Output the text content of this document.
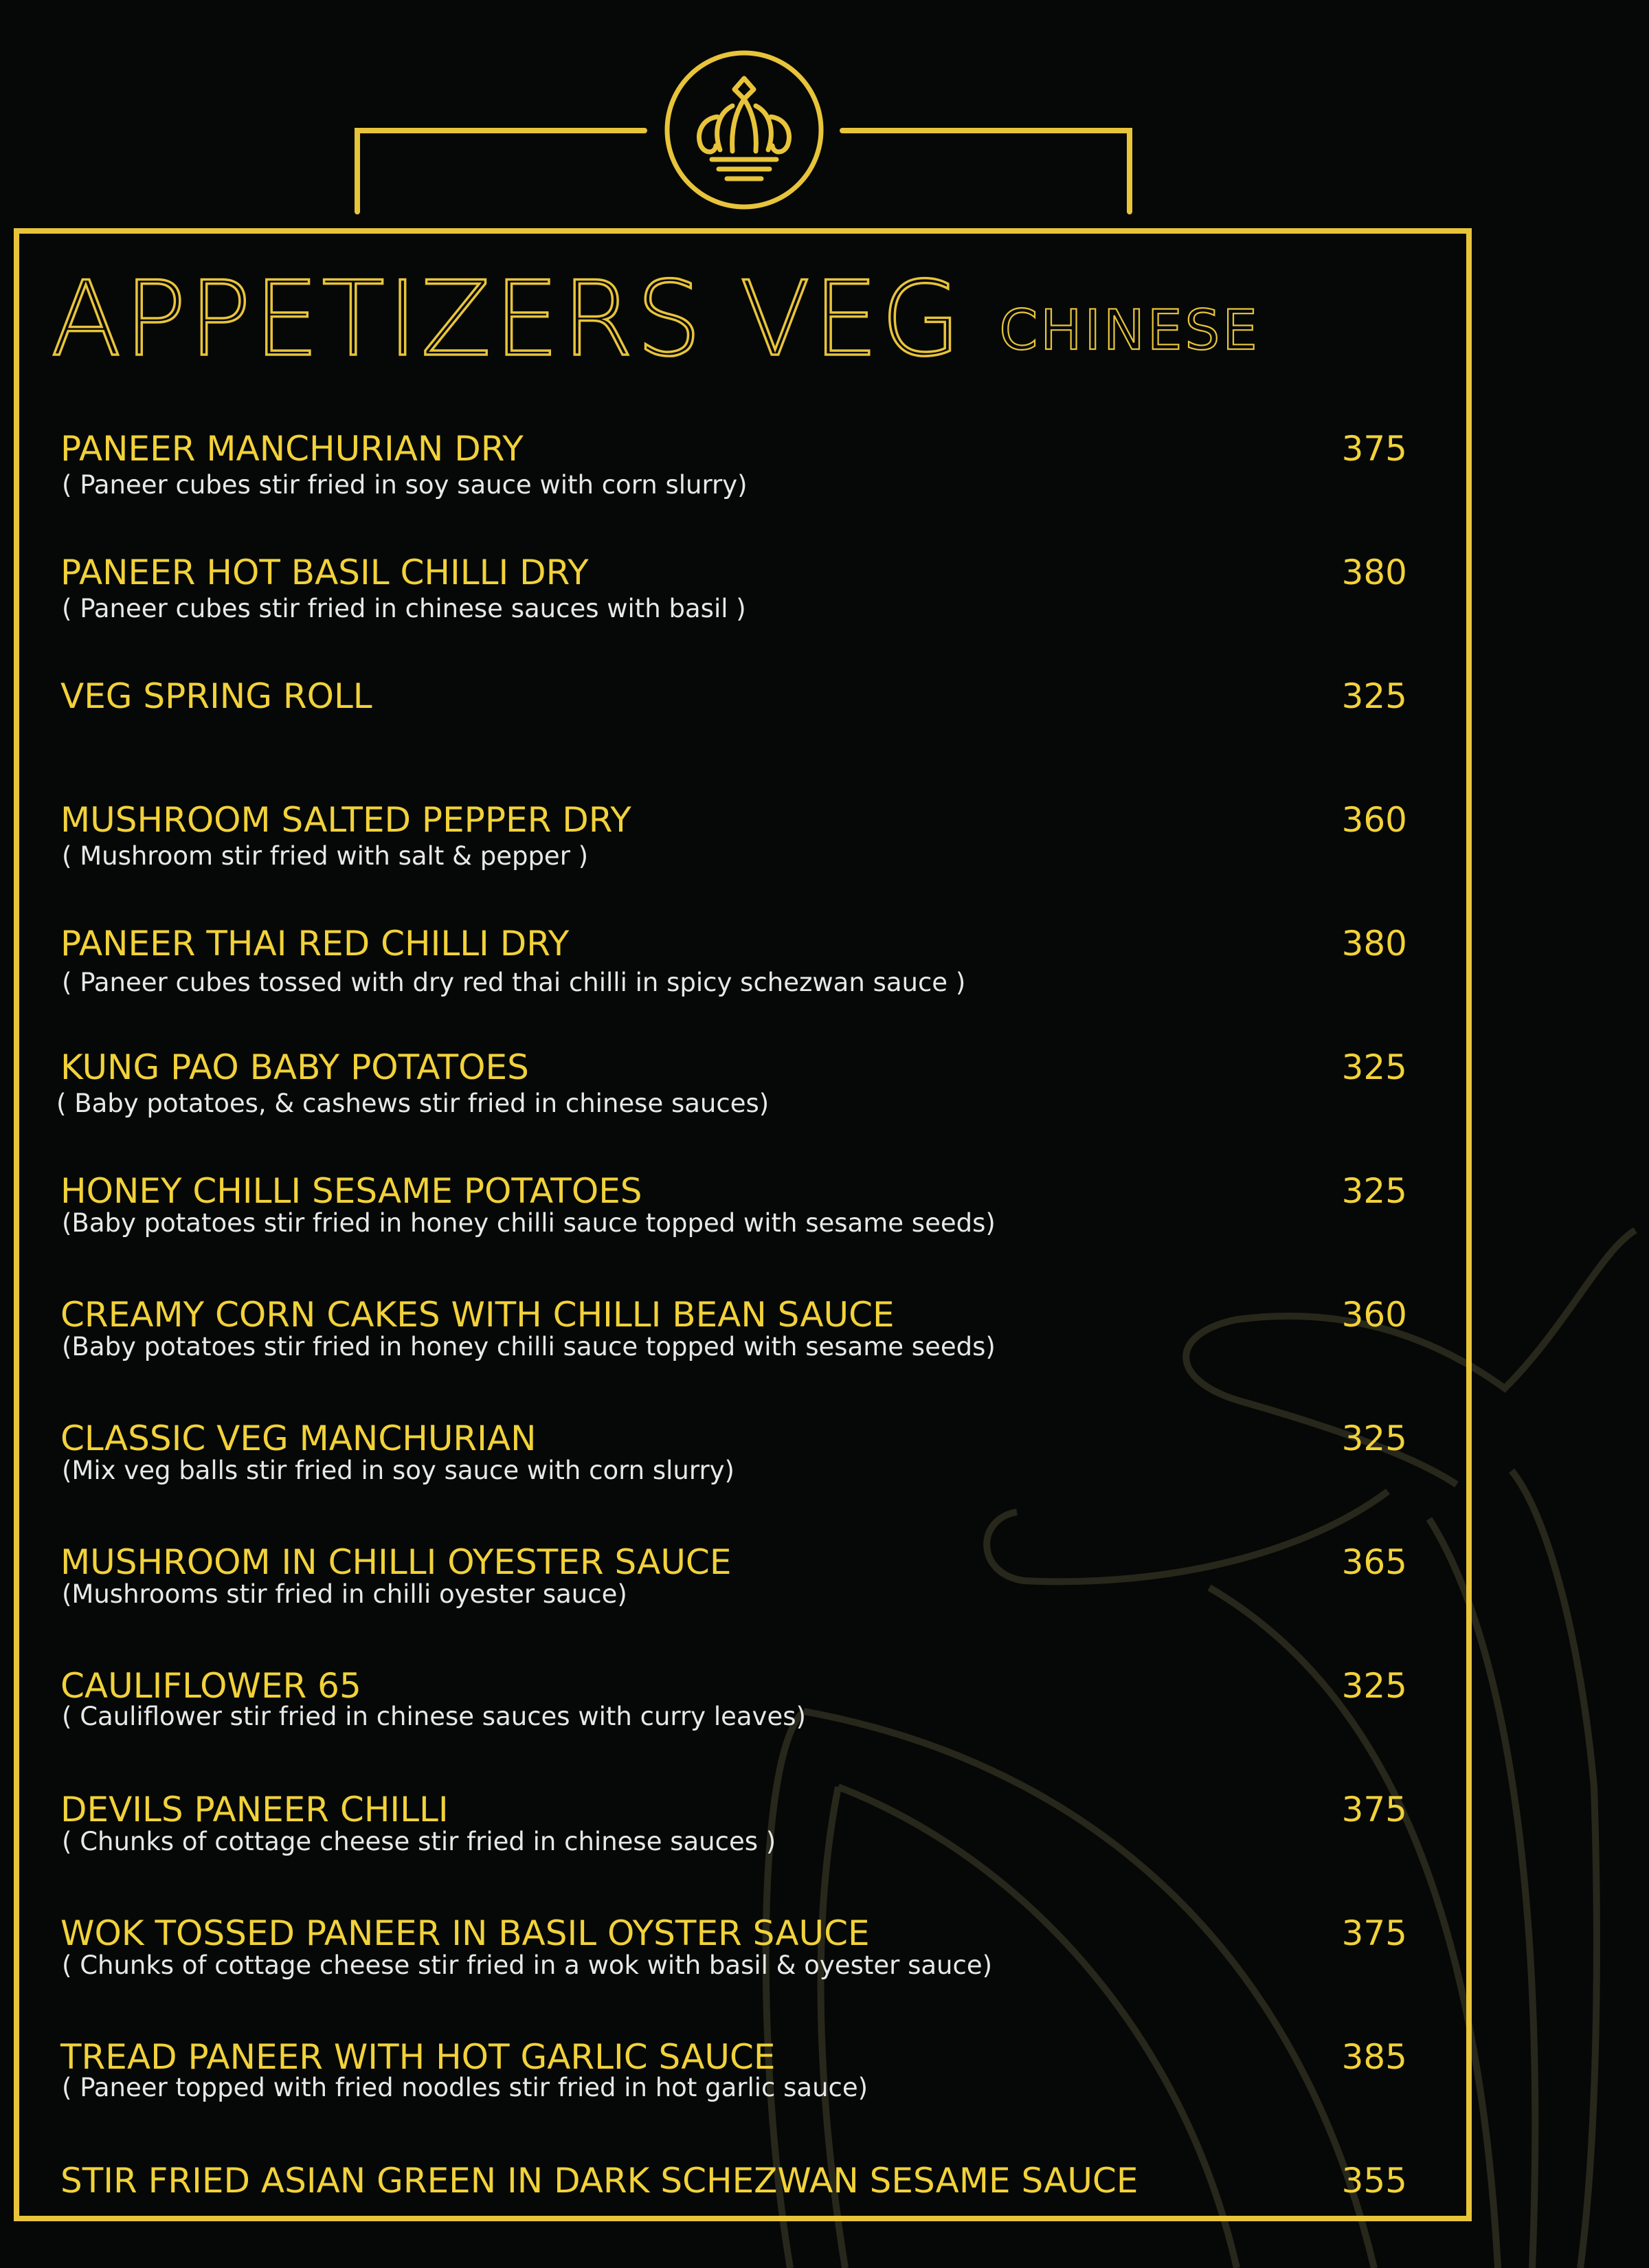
APPETIZERS VEG CHINESE
PANEER MANCHURIAN DRY	375
( Paneer cubes stir fried in soy sauce with corn slurry)
PANEER HOT BASIL CHILLI DRY	380
( Paneer cubes stir fried in chinese sauces with basil )
VEG SPRING ROLL	325
MUSHROOM SALTED PEPPER DRY	360
( Mushroom stir fried with salt & pepper )
PANEER THAI RED CHILLI DRY	380
( Paneer cubes tossed with dry red thai chilli in spicy schezwan sauce )
KUNG PAO BABY POTATOES	325
( Baby potatoes, & cashews stir fried in chinese sauces)
HONEY CHILLI SESAME POTATOES	325
(Baby potatoes stir fried in honey chilli sauce topped with sesame seeds)
CREAMY CORN CAKES WITH CHILLI BEAN SAUCE	360
(Baby potatoes stir fried in honey chilli sauce topped with sesame seeds)
CLASSIC VEG MANCHURIAN	325
(Mix veg balls stir fried in soy sauce with corn slurry)
MUSHROOM IN CHILLI OYESTER SAUCE	365
(Mushrooms stir fried in chilli oyester sauce)
CAULIFLOWER 65	325
( Cauliflower stir fried in chinese sauces with curry leaves)
DEVILS PANEER CHILLI	375
( Chunks of cottage cheese stir fried in chinese sauces )
WOK TOSSED PANEER IN BASIL OYSTER SAUCE	375
( Chunks of cottage cheese stir fried in a wok with basil & oyester sauce)
TREAD PANEER WITH HOT GARLIC SAUCE	385
( Paneer topped with fried noodles stir fried in hot garlic sauce)
STIR FRIED ASIAN GREEN IN DARK SCHEZWAN SESAME SAUCE	355
